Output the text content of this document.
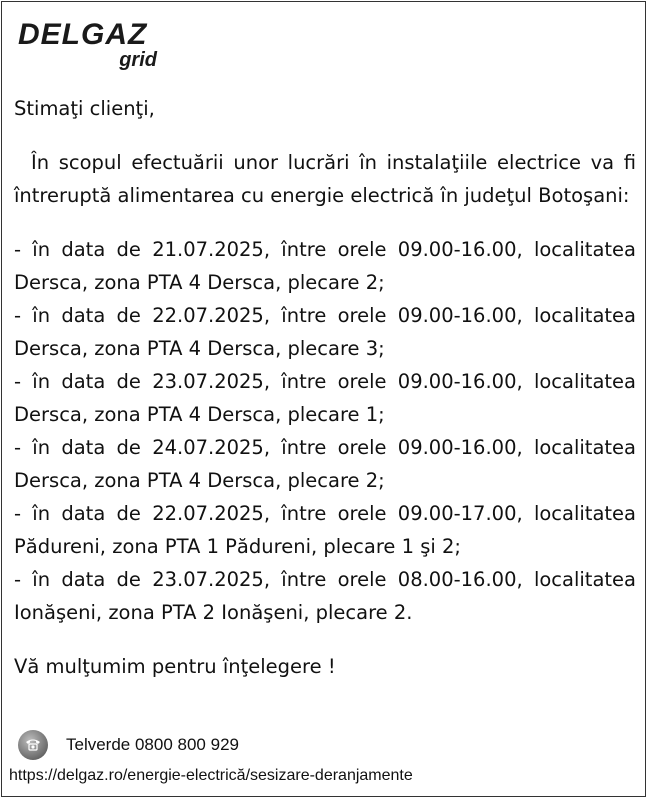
DELGAZ
grid

Stimaţi clienţi,

În scopul efectuării unor lucrări în instalaţiile electrice va fi întreruptă alimentarea cu energie electrică în judeţul Botoşani:

- în data de 21.07.2025, între orele 09.00-16.00, localitatea Dersca, zona PTA 4 Dersca, plecare 2;
- în data de 22.07.2025, între orele 09.00-16.00, localitatea Dersca, zona PTA 4 Dersca, plecare 3;
- în data de 23.07.2025, între orele 09.00-16.00, localitatea Dersca, zona PTA 4 Dersca, plecare 1;
- în data de 24.07.2025, între orele 09.00-16.00, localitatea Dersca, zona PTA 4 Dersca, plecare 2;
- în data de 22.07.2025, între orele 09.00-17.00, localitatea Pădureni, zona PTA 1 Pădureni, plecare 1 şi 2;
- în data de 23.07.2025, între orele 08.00-16.00, localitatea Ionăşeni, zona PTA 2 Ionăşeni, plecare 2.

Vă mulţumim pentru înţelegere !

Telverde 0800 800 929
https://delgaz.ro/energie-electrică/sesizare-deranjamente
